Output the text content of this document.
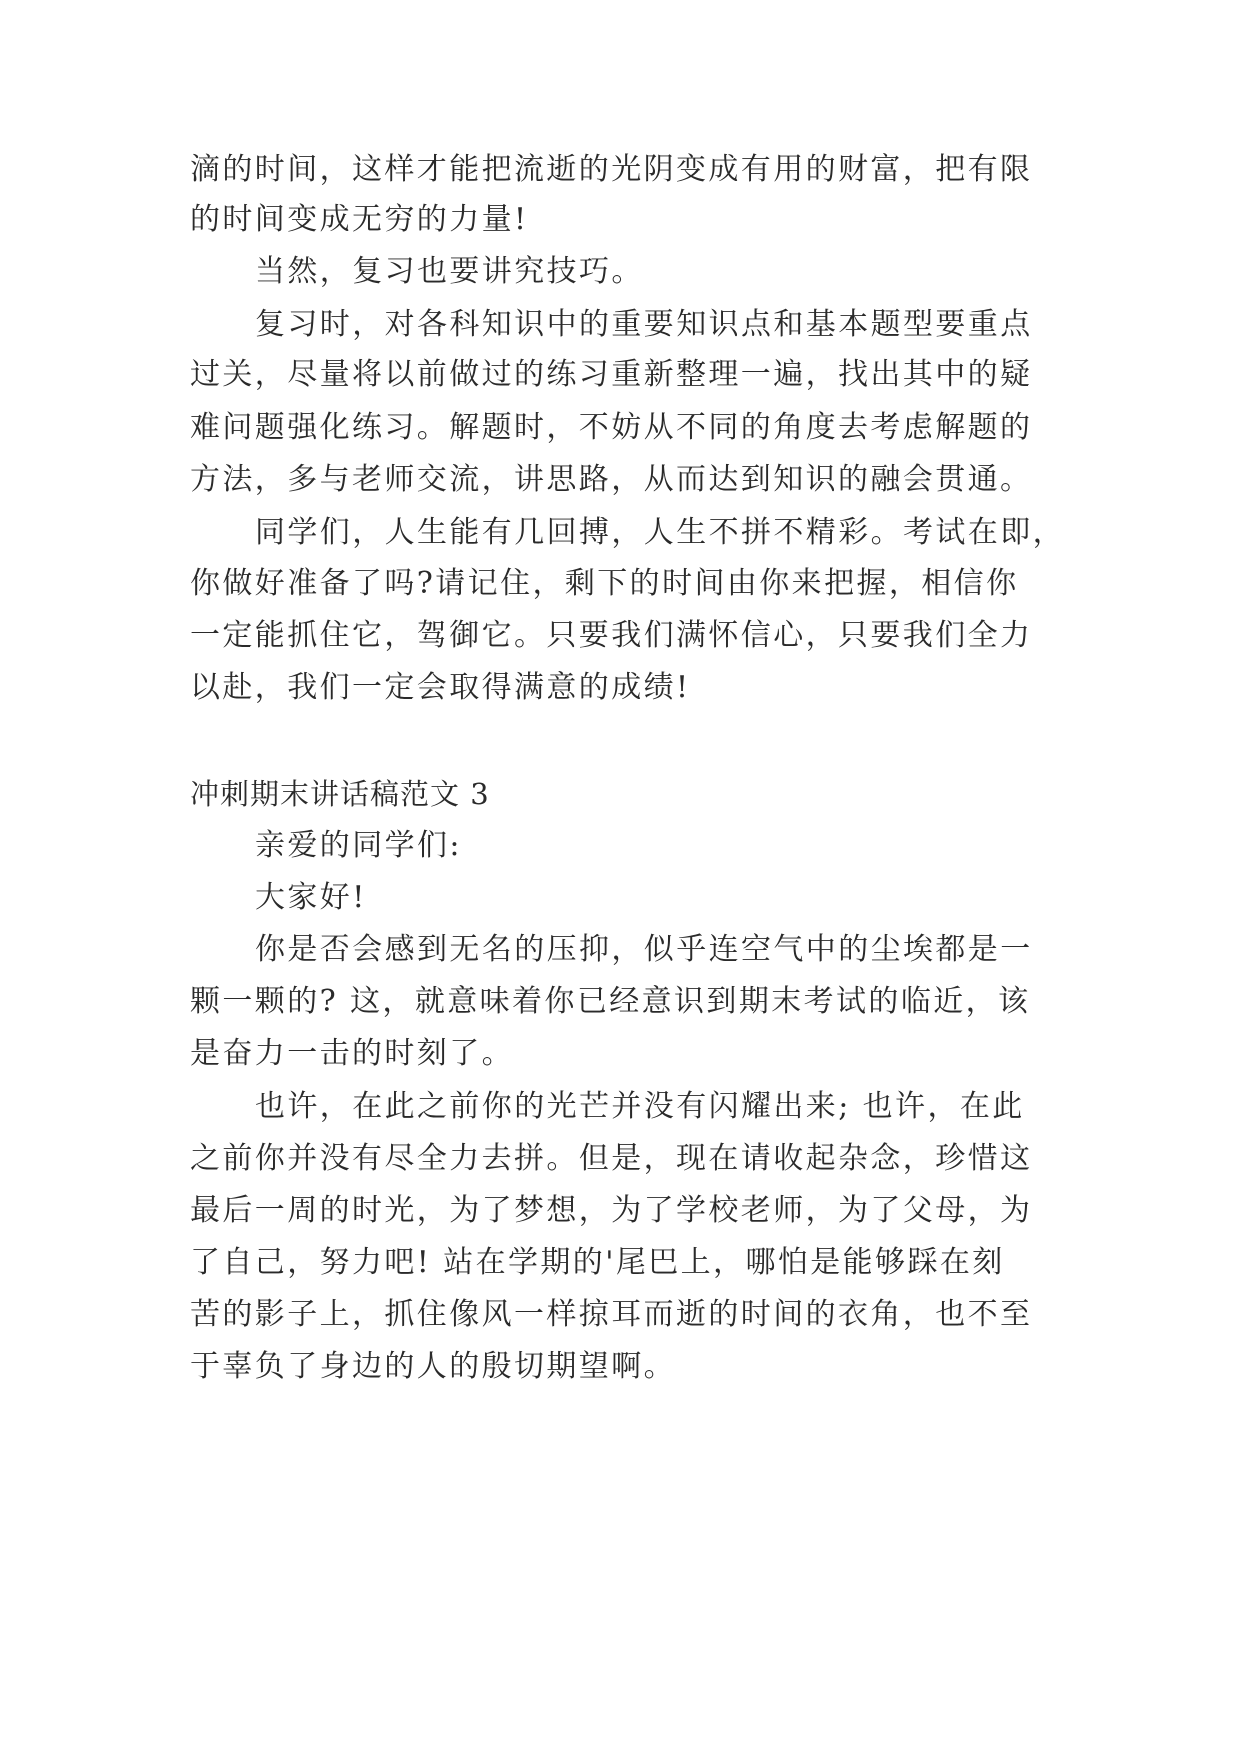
滴的时间，这样才能把流逝的光阴变成有用的财富，把有限
的时间变成无穷的力量!
当然，复习也要讲究技巧。
复习时，对各科知识中的重要知识点和基本题型要重点
过关，尽量将以前做过的练习重新整理一遍，找出其中的疑
难问题强化练习。解题时，不妨从不同的角度去考虑解题的
方法，多与老师交流，讲思路，从而达到知识的融会贯通。
同学们，人生能有几回搏，人生不拼不精彩。考试在即，
你做好准备了吗?请记住，剩下的时间由你来把握，相信你
一定能抓住它，驾御它。只要我们满怀信心，只要我们全力
以赴，我们一定会取得满意的成绩!
冲刺期末讲话稿范文 3
亲爱的同学们:
大家好!
你是否会感到无名的压抑，似乎连空气中的尘埃都是一
颗一颗的? 这，就意味着你已经意识到期末考试的临近，该
是奋力一击的时刻了。
也许，在此之前你的光芒并没有闪耀出来; 也许，在此
之前你并没有尽全力去拼。但是，现在请收起杂念，珍惜这
最后一周的时光，为了梦想，为了学校老师，为了父母，为
了自己，努力吧! 站在学期的'尾巴上，哪怕是能够踩在刻
苦的影子上，抓住像风一样掠耳而逝的时间的衣角，也不至
于辜负了身边的人的殷切期望啊。
